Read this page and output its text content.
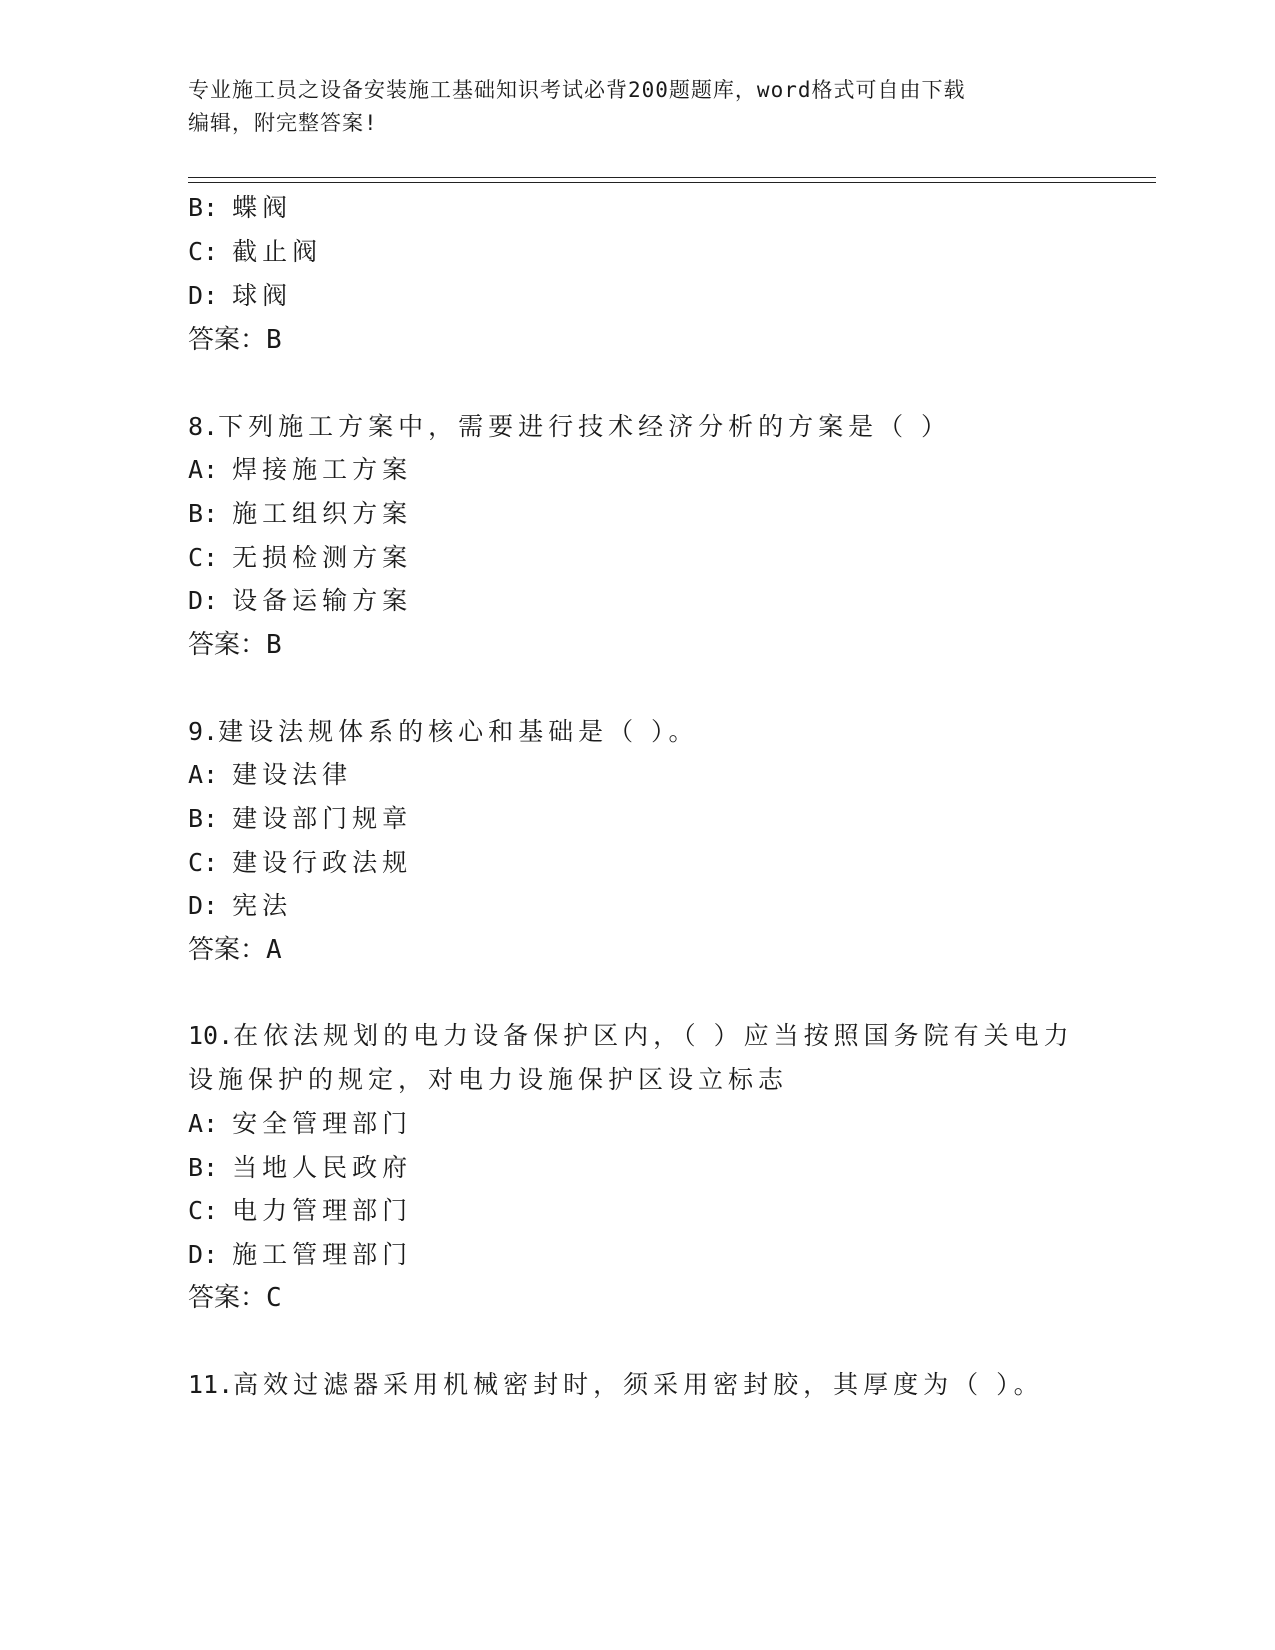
专业施工员之设备安装施工基础知识考试必背200题题库，word格式可自由下载
编辑，附完整答案!
B: 蝶阀
C: 截止阀
D: 球阀
答案：B
8.下列施工方案中，需要进行技术经济分析的方案是（ ）
A: 焊接施工方案
B: 施工组织方案
C: 无损检测方案
D: 设备运输方案
答案：B
9.建设法规体系的核心和基础是（ ）。
A: 建设法律
B: 建设部门规章
C: 建设行政法规
D: 宪法
答案：A
10.在依法规划的电力设备保护区内，（ ）应当按照国务院有关电力
设施保护的规定，对电力设施保护区设立标志
A: 安全管理部门
B: 当地人民政府
C: 电力管理部门
D: 施工管理部门
答案：C
11.高效过滤器采用机械密封时，须采用密封胶，其厚度为（ ）。
